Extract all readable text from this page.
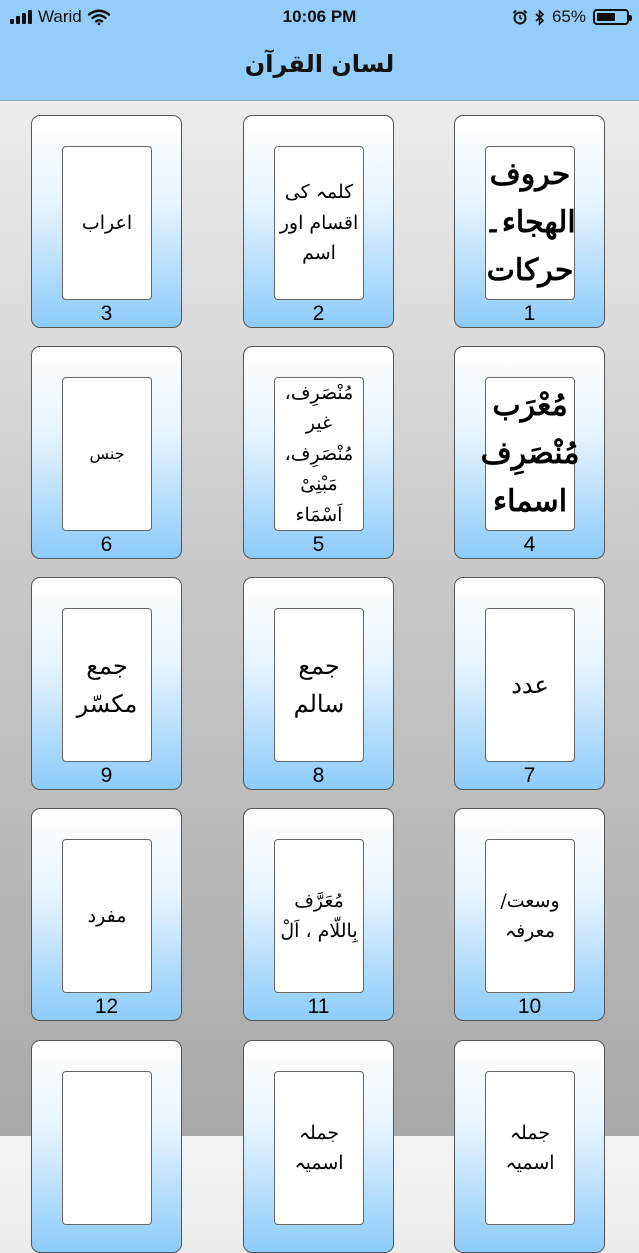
Warid	10:06 PM	65%
لسان القرآن
حروف الهجاء۔ حرکات
1
کلمہ کی اقسام اور اسم
2
اعراب
3
مُعْرَب مُنْصَرِف اسماء
4
مُنْصَرِف، غیر مُنْصَرِف، مَبْنِیْ اَسْمَاء
5
جنس
6
عدد
7
جمع سالم
8
جمع مکسّر
9
وسعت/ معرفہ
10
مُعَرَّف بِاللّام ، اَلْ
11
مفرد
12
جملہ اسمیہ
جملہ اسمیہ
